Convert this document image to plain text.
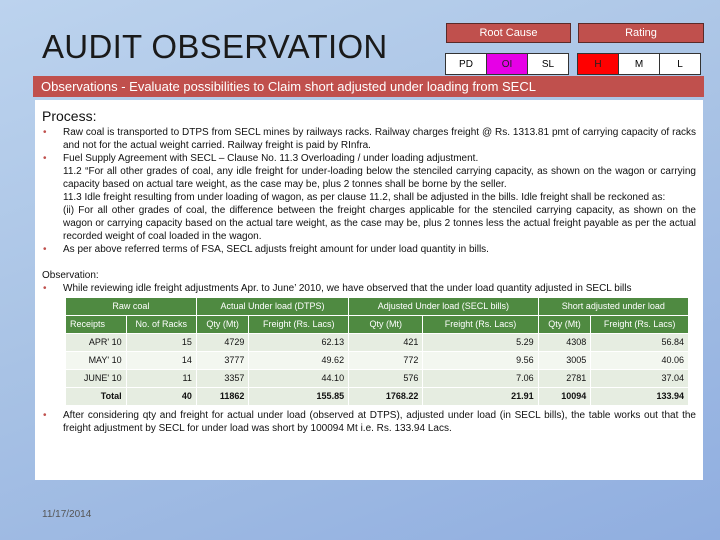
AUDIT OBSERVATION	Root Cause	Rating
PD	OI	SL	H	M	L
Observations - Evaluate possibilities to Claim short adjusted under loading from SECL
Process:
• Raw coal is transported to DTPS from SECL mines by railways racks. Railway charges freight @ Rs. 1313.81 pmt of carrying capacity of racks and not for the actual weight carried. Railway freight is paid by RInfra.
• Fuel Supply Agreement with SECL – Clause No. 11.3 Overloading / under loading adjustment.
11.2 “For all other grades of coal, any idle freight for under-loading below the stenciled carrying capacity, as shown on the wagon or carrying capacity based on actual tare weight, as the case may be, plus 2 tonnes shall be borne by the seller.
11.3 Idle freight resulting from under loading of wagon, as per clause 11.2, shall be adjusted in the bills. Idle freight shall be reckoned as:
(ii) For all other grades of coal, the difference between the freight charges applicable for the stenciled carrying capacity, as shown on the wagon or carrying capacity based on the actual tare weight, as the case may be, plus 2 tonnes less the actual freight payable as per the actual recorded weight of coal loaded in the wagon.
• As per above referred terms of FSA, SECL adjusts freight amount for under load quantity in bills.
Observation:
• While reviewing idle freight adjustments Apr. to June’ 2010, we have observed that the under load quantity adjusted in SECL bills
Raw coal		Actual Under load (DTPS)		Adjusted Under load (SECL bills)		Short adjusted under load	
Receipts	No. of Racks	Qty (Mt)	Freight (Rs. Lacs)	Qty (Mt)	Freight (Rs. Lacs)	Qty (Mt)	Freight (Rs. Lacs)
APR' 10	15	4729	62.13	421	5.29	4308	56.84
MAY' 10	14	3777	49.62	772	9.56	3005	40.06
JUNE' 10	11	3357	44.10	576	7.06	2781	37.04
Total	40	11862	155.85	1768.22	21.91	10094	133.94
• After considering qty and freight for actual under load (observed at DTPS), adjusted under load (in SECL bills), the table works out that the freight adjustment by SECL for under load was short by 100094 Mt i.e. Rs. 133.94 Lacs.
11/17/2014
